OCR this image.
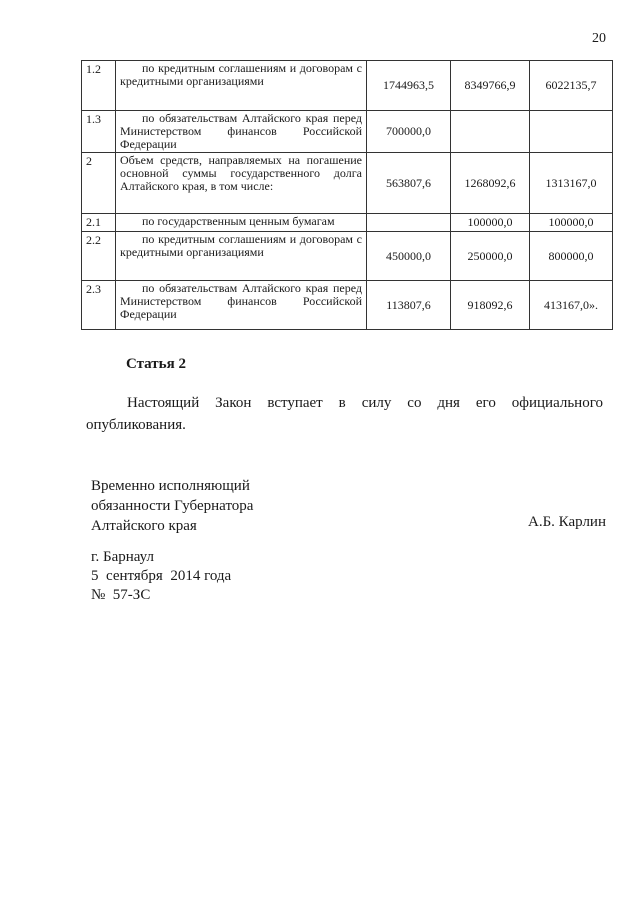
20
1.2	по кредитным соглашениям и договорам с кредитными организациями	1744963,5	8349766,9	6022135,7
1.3	по обязательствам Алтайского края перед Министерством финансов Российской Федерации	700000,0		
2	Объем средств, направляемых на погашение основной суммы государственного долга Алтайского края, в том числе:	563807,6	1268092,6	1313167,0
2.1	по государственным ценным бумагам		100000,0	100000,0
2.2	по кредитным соглашениям и договорам с кредитными организациями	450000,0	250000,0	800000,0
2.3	по обязательствам Алтайского края перед Министерством финансов Российской Федерации	113807,6	918092,6	413167,0».
Статья 2
Настоящий Закон вступает в силу со дня его официального опубликования.
Временно исполняющий
обязанности Губернатора
Алтайского края	А.Б. Карлин
г. Барнаул
5  сентября  2014 года
№  57-ЗС
